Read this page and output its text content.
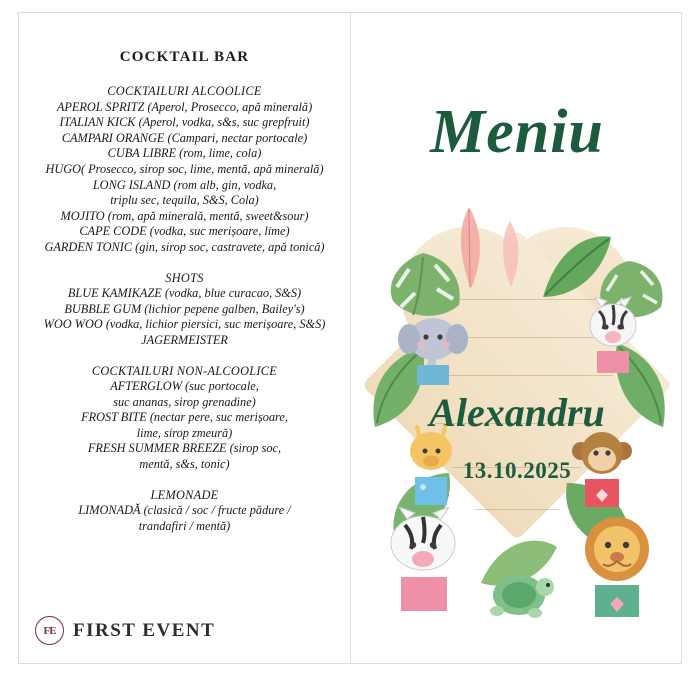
COCKTAIL BAR
COCKTAILURI ALCOOLICE
APEROL SPRITZ (Aperol, Prosecco, apă minerală)
ITALIAN KICK (Aperol, vodka, s&s, suc grepfruit)
CAMPARI ORANGE (Campari, nectar portocale)
CUBA LIBRE (rom, lime, cola)
HUGO( Prosecco, sirop soc, lime, mentă, apă minerală)
LONG ISLAND (rom alb, gin, vodka,
triplu sec, tequila, S&S, Cola)
MOJITO (rom, apă minerală, mentă, sweet&sour)
CAPE CODE (vodka, suc merișoare, lime)
GARDEN TONIC (gin, sirop soc, castravete, apă tonică)
SHOTS
BLUE KAMIKAZE (vodka, blue curacao, S&S)
BUBBLE GUM (lichior pepene galben, Bailey's)
WOO WOO (vodka, lichior piersici, suc merișoare, S&S)
JAGERMEISTER
COCKTAILURI NON-ALCOOLICE
AFTERGLOW (suc portocale,
suc ananas, sirop grenadine)
FROST BITE (nectar pere, suc merișoare,
lime, sirop zmeură)
FRESH SUMMER BREEZE (sirop soc,
mentă, s&s, tonic)
LEMONADE
LIMONADĂ (clasică / soc / fructe pădure /
trandafiri / mentă)
FE FIRST EVENT
Meniu
Alexandru
13.10.2025
